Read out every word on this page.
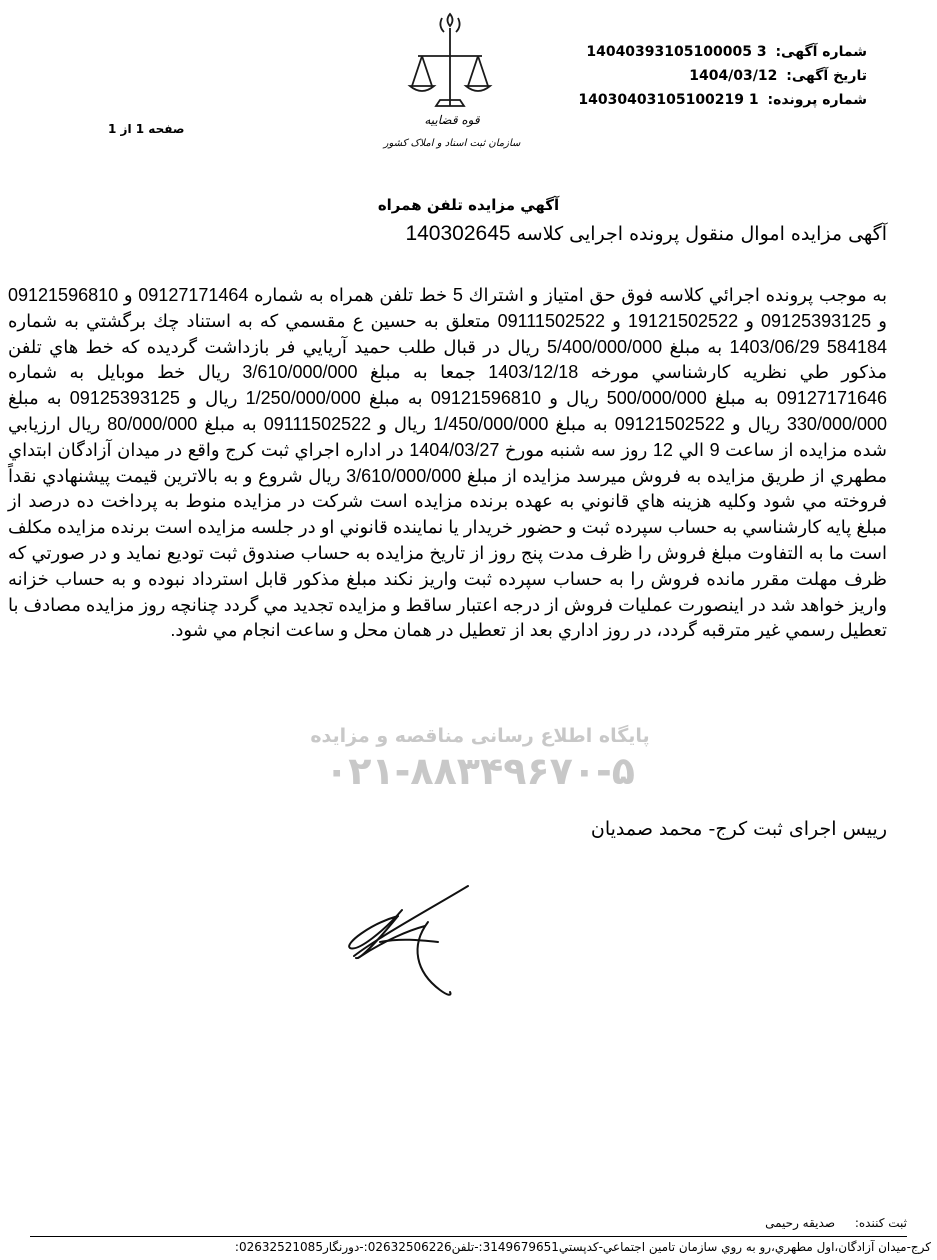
شماره آگهی: 14040393105100005 3
تاریخ آگهی: 1404/03/12
شماره پرونده: 14030403105100219 1
قوه قضاییه
سازمان ثبت اسناد و املاک کشور
صفحه 1 از 1
آگهي مزايده تلفن همراه
آگهی مزایده اموال منقول پرونده اجرایی کلاسه 140302645
پایگاه اطلاع رسانی مناقصه و مزایده
۰۲۱-۸۸۳۴۹۶۷۰-۵
به موجب پرونده اجرائي كلاسه فوق حق امتياز و اشتراك 5 خط تلفن همراه به شماره 09127171464 و 09121596810 و 09125393125 و 19121502522 و 09111502522 متعلق به حسين ع مقسمي كه به استناد چك برگشتي به شماره 584184 1403/06/29 به مبلغ 5/400/000/000 ريال در قبال طلب حميد آريايي فر بازداشت گرديده كه خط هاي تلفن مذكور طي نظريه كارشناسي مورخه 1403/12/18 جمعا به مبلغ 3/610/000/000 ريال خط موبايل به شماره 09127171646 به مبلغ 500/000/000 ريال و 09121596810 به مبلغ 1/250/000/000 ريال و 09125393125 به مبلغ 330/000/000 ريال و 09121502522 به مبلغ 1/450/000/000 ريال و 09111502522 به مبلغ 80/000/000 ريال ارزيابي شده مزايده از ساعت 9 الي 12 روز سه شنبه مورخ 1404/03/27 در اداره اجراي ثبت كرج واقع در ميدان آزادگان ابتداي مطهري از طريق مزايده به فروش ميرسد مزايده از مبلغ 3/610/000/000 ريال شروع و به بالاترين قيمت پيشنهادي نقداً فروخته مي شود وكليه هزينه هاي قانوني به عهده برنده مزايده است شركت در مزايده منوط به پرداخت ده درصد از مبلغ پايه كارشناسي به حساب سپرده ثبت و حضور خريدار يا نماينده قانوني او در جلسه مزايده است برنده مزايده مكلف است ما به التفاوت مبلغ فروش را ظرف مدت پنج روز از تاريخ مزايده به حساب صندوق ثبت توديع نمايد و در صورتي كه ظرف مهلت مقرر مانده فروش را به حساب سپرده ثبت واريز نكند مبلغ مذكور قابل استرداد نبوده و به حساب خزانه واريز خواهد شد در اينصورت عمليات فروش از درجه اعتبار ساقط و مزايده تجديد مي گردد چنانچه روز مزايده مصادف با تعطيل رسمي غير مترقبه گردد، در روز اداري بعد از تعطيل در همان محل و ساعت انجام مي شود.
رییس اجرای ثبت کرج- محمد صمدیان
ثبت کننده: صدیقه رحیمی
کرج-ميدان آزادگان،اول مطهري،رو به روي سازمان تامين اجتماعي-کدپستي3149679651:-تلفن02632506226:-دورنگار02632521085:
